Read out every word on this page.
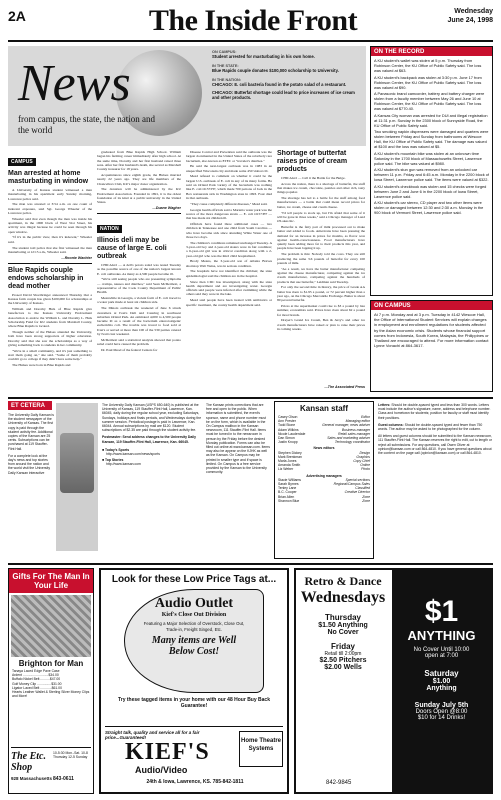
2A	The Inside Front	Wednesday
June 24, 1998
News
from campus, the state, the nation and the world
ON CAMPUS:
Student arrested for masturbating in his own home.
IN THE STATE:
Blue Rapids couple donates $100,000 scholarship to University.
IN THE NATION:
CHICAGO: E. coli bacteria found in the potato salad of a restaurant.
CHICAGO: Butterfat shortage could lead to price increases of ice cream and other products.
CAMPUS
Man arrested at home masturbating in window

A University of Kansas student witnessed a man masturbating in his apartment early Sunday morning, Lawrence police said.

The man was arrested at 3:54 a.m. on one count of indecent exposure, said Sgt. George Wheeler of the Lawrence police.

Wheeler said that even though the man was inside his apartment, in the 1900 block of West 31st Street, his activity was illegal because he could be seen through his open window.

"If it's in the public view, then it's indecent," Wheeler said.

The student told police that she first witnessed the man masturbating at 12:15 a.m., Wheeler said.

—Roonie Wachter
Blue Rapids couple endows scholarship in dead mother

Prosed David Shortbringer announced Thursday that a Kansas farm couple has given $100,000 for scholarships at the University of Kansas.

William and Dorothy Huls of Blue Rapids give benefactors to the Kansas University Endowment Association to endow the William L. and Dorothy L. Huls Scholarship Fund for KU students from Marshall County, where Blue Rapids is located.

Though neither of the Hulses attended the University, both have been strong supporters of higher education. Dorothy said that she saw the scholarships as a way of giving something back to students in her community.

"We're in a small community, and it's just something to start them going on," she said. "Some of them probably couldn't go to college if they didn't have some help."

The Hulses were born in Blue Rapids and

graduated from Blue Rapids High School. William began his farming career immediately after high school. At the same time, Dorothy and her first husband raised three sons. After her first husband's death, she served as Marshall County treasurer for 18 years.

Acquaintances since eighth grade, the Hulses married nearly 22 years ago. They are life members of the Chancellors Club, KU's major donor organization.

The donation will be administered by the KU Endowment Association. Founded in 1891, it is the oldest foundation of its kind at a public university in the United States.

—Duane Wagher
NATION
Illinois deli may be cause of large E. coli outbreak

CHICAGO — A deli's potato salad was tested Tuesday as the possible source of one of the nation's largest known E. coli outbreaks. As many as 4,500 people became ill.

"We're still seeing people who are presenting symptoms — cramps, nausea and diarrhea," said Sean McDermott, a representative of the Cook County Department of Public Health.

Meanwhile in Georgia, a violent form of E. coli traced to a water park made at least six children sick.

The Illinois outbreak the weekend of June 6 struck customers at Ivan's Deli and Catering in southwest suburban Orland Park. An estimated 4,000 to 4,500 people became ill as a result of the bacterium enterotoxigenic escherichia coli. The trouble was traced to food sold at Ivan's or served at more than 100 of the 530 parties catered by Ivan's last weekend.

McDermott said a statistical analysis showed that potato salad could have caused the problem.

Dr. Paul Mead of the federal Centers for

Disease Control and Prevention said the outbreak was the largest documented in the United States of the relatively rare bacterium, also known as ETEC or "traveler's diarrhea."

He said the next-largest outbreak was in 1983 in an unspecified Wisconsin city and made some 450 visitors ill.

Mead refused to comment on whether it could be the largest U.S. outbreak of E. coli in any of its many forms. He said an Orland Park variety of the bacterium was nothing like E. coli O157:H7, which made 700 patrons of Jack in the Box restaurants sick in Washington state in 1993. Four died in that outbreak.

"They cause completely different diseases," Mead said.

Georgia health officials said a Marietta water park was the source of the more dangerous strain — E. coli O157:H7 — that has made six children ill.

Officials have found three additional cases — two children in Tennessee and one child from South Carolina — who have become sick since attending White Water one of those two days.

The children's conditions remained unchanged Tuesday. A 3-year-old boy and 2-year-old sisters were in fair condition; a 6-year-old girl was in critical condition along with a 2-year-old girl who was the third child hospitalized.

Brody Means, the 3-year-old son of Atlanta Braves shortstop Walt Weiss, was in serious condition.

The hospitals have not identified the children; the state epidemiologist said the children are in the hospital.

Since then CDC has investigated, along with the state health department and are investigating water. Georgia officials said people were infected after swimming while the others said they were in the lake.

Mead said people have been treated with antibiotics or specific treatment, the county health department said.

Shortage of butterfat raises price of cream products

CHICAGO — Call it the Battle for the Bulge.

Across the nation, there is a shortage of butterfat, the stuff that makes ice cream, chocolate, pastries and other rich, tasty things popular.

The shortage has led to a battle for the stuff among food manufacturers — a battle that could mean record prices for butter, ice cream, cheese and cream cheese.

"I'd tell people to stock up, but I'm afraid that some of it will be gone in three weeks," said a Chicago manager of Land O'Lakes Inc.

Butterfat is the fatty part of milk processed out to make butter and added to foods. Americans have been pressing the demand for an increase in prices for months, as flavor won against health-consciousness. Food manufacturers have quietly been adding more fat to their products this year, and people have been lapping it up.

The problem is this: Nobody told the cows. They are still producing the same 3.6 pounds of butterfat for every 100 pounds of milk.

"As a result, we have the butter manufacturer competing against the cheese manufacturer, competing against the ice cream manufacturer, competing against the hundreds of products that use butterfat," Leidman said Tuesday.

For only the second time in history, the price of Grade AA butter has risen to $1.95 a pound, or 72 percent higher than a year ago, on the Chicago Mercantile Exchange. Butter is about 80 percent butterfat.

Prices at the supermarket could rise to $3 a pound by late summer, economists said. Prices have risen about 62 a pound for most brands.

Dreyer's Grand Ice Cream, Ben & Jerry's and other ice cream manufacturers have raised or plan to raise their prices in coming weeks.

—The Associated Press
ON THE RECORD
A KU student's wallet was stolen at 5 p.m. Thursday from Robinson Center, the KU Office of Public Safety said. The loss was valued at $63.
A KU student's backpack was stolen at 3:30 p.m. June 17 from Robinson Center, the KU Office of Public Safety said. The loss was valued at $90.
A Panasonic brand camcorder, battery and battery charger were stolen from a faculty member between May 26 and June 10 at Robinson Center, the KU Office of Public Safety said. The loss was valued at $770.40.
A Kansas City woman was arrested for DUI and illegal registration at 11:31 p.m. Sunday in the 2300 block of Sunnyside Road, the KU Office of Public Safety said.
Two smoking napkin dispensers were damaged and quarters were stolen between Friday and Sunday from bathrooms at Wescoe Hall, the KU Office of Public Safety said. The damage was valued at $100 and the loss was valued at $5.
A KU student's mountain bike was stolen at an unknown time Saturday in the 1700 block of Massachusetts Street, Lawrence police said. The bike was valued at $980.
A KU student's stun gun was removed from an unlocked car between 11 p.m. Friday and 6:45 a.m. Monday in the 2200 block of Iowa Street, Lawrence police said. The items were valued at $322.
A KU student's checkbook was stolen and 15 checks were forged between June 2 and June 6 in the 2200 block of Iowa Street, Lawrence police said.
A KU student's car stereo, CD player and two other items were stolen or damaged between 12:30 and 2:30 a.m. Monday in the 900 block of Vermont Street, Lawrence police said.
ON CAMPUS
At 7 p.m. Monday and at 3 p.m. Tuesday in 4142 Wescoe Hall, the Office of International Student Services will explain changes in employment and enrollment regulations for students affected by the Asian economic crisis. Students whose financial support comes from Indonesia, South Korea, Malaysia, the Philippines or Thailand are encouraged to attend. For more information contact Lynne Vonachi at 864-3617.
ET CETERA

The University Daily Kansan is the student newspaper of the University of Kansas. The first copy is paid through the student activity fee. Additional copies of the Kansan are 25 cents. Subscriptions can be purchased at 119 Stauffer-Flint Hall.

For a complete look at the day's news and top stories from around the nation and the world visit the University Daily Kansan interactive

The University Daily Kansan (USPS 650-640) is published at the University of Kansas, 119 Stauffer-Flint Hall, Lawrence, Kan. 66045, daily during the regular school year, excluding Saturdays, Sundays, holidays and finals periods, and Wednesdays during the summer session. Periodical postage is paid in Lawrence, Kan. 66044. Annual subscriptions by mail are $120. Student subscriptions of $2.35 are paid through the student activity fee.

Postmaster: Send address changes to the University Daily Kansan, 119 Stauffer-Flint Hall, Lawrence, Kan. 66045.

■ Today's Sports
http://www.kansan.com/news/sports
■ Top Stories
http://www.kansan.com
The Kansan prints corrections that are free and open to the public. When information is submitted, the event's sponsor, name and phone number must be on the form, which is available in the On Campus mailbox in the Kansan newsroom, 111 Stauffer-Flint Hall. Items must be turned in to the newsroom in person by the Friday before the desired Monday publication. Forms can also be filled out online at www.kansan.com. Items may also be appear on the KJHK as well as the Kansan. On Campus may be printed in smaller type and if space is limited. On Campus is a free service provided by the Kansan to the University community.
Kansan staff
Casey Olson	Editor
Ann Prester	Managing editor
Todd Stone	General manager, news adviser
Adam Wilkins	Business manager
Nicole Lauderdale	Retail sales manager
Dan Simon	Sales and marketing adviser
Justin Knopp	Technology coordinator
News editors
Stephen Dickey	Design
Mark Brenkman	Graphics
Marla Jones	Copy Chief
Amanda Smith	Online
Liz Weber	Photo
Advertising managers
Stacie Williams	Special sections
Sarah Byrnes	Regional/Campus Sales
Tenley Lane	Classified
B.C. Cooper	Creative Director
Brian Allen	Zone
Shannon Blue	Zone

Letters: Should be double-spaced typed and less than 300 words. Letters must include the author's signature, name, address and telephone number. Class and hometown for students; position for faculty or staff must identify their positions.

Guest columns: Should be double-spaced typed and fewer than 750 words. The author may be asked to be photographed for the column.

All letters and guest columns should be submitted to the Kansan newsroom, 111 Stauffer-Flint Hall. The Kansan reserves the right to edit, cut to length or reject all submissions. For any questions, call Owen Oliver at opinion@kansan.com or call 864-4810. If you have general questions about the content on the page call (opinion@kansan.com) or call 864-4810.

Gifts For The Man In Your Life
Brighton for Man
Tanaya Laced Edge Pave Case
Ardent ...........................$34.00
Buffalo Nickel Belt ..........$47.00
Golf Money Clip ...............$31.00
Ligator Laced Belt ............$61.00
Hearts Leather Wallet & Sterling Silver Money Clips and More!
The Etc. Shop
10-5:30 Mon.-Sat. 10-8 Thursday 12-5 Sunday
928 Massachusetts 843-0611
Look for these Low Price Tags at...
Audio Outlet
Kief's Close Out Division
Featuring a Major Selection of Overstock, Close Out, Trade-in, Freight Singed, Etc.
Many items are Well Below Cost!
Try these tagged items in your home with our 48 Hour Buy Back Guarantee!
Straight talk, quality and service all for a fair price...Guaranteed!
KIEF'S
Audio/Video
24th & Iowa, Lawrence, KS. 785-842-1811
Home Theatre Systems
Retro & Dance
Wednesdays
Thursday
$1.50 Anything
No Cover
Friday
Retail till 2:00pm
$2.50 Pitchers
$2.00 Wells
842-9845
$1
ANYTHING
No Cover Until 10:00
open at 7:00
Saturday
$1.00
Anything
Sunday July 5th
Doors Open @8:00
$10 for 14 Drinks!
